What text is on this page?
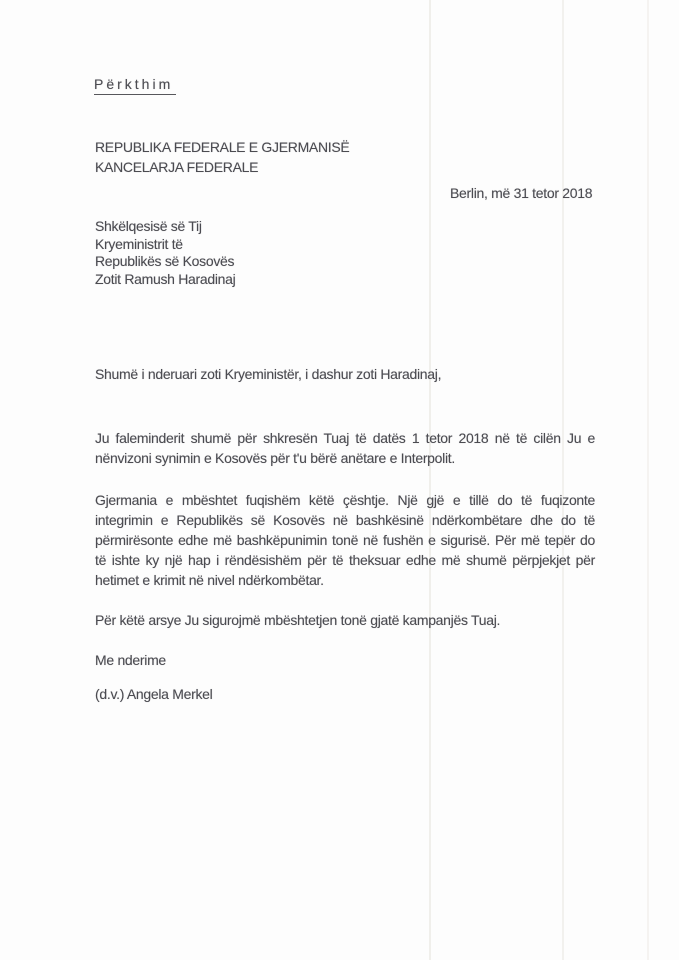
Përkthim
REPUBLIKA FEDERALE E GJERMANISË
KANCELARJA FEDERALE
Berlin, më 31 tetor 2018
Shkëlqesisë së Tij
Kryeministrit të
Republikës së Kosovës
Zotit Ramush Haradinaj
Shumë i nderuari zoti Kryeministër, i dashur zoti Haradinaj,
Ju faleminderit shumë për shkresën Tuaj të datës 1 tetor 2018 në të cilën Ju e
nënvizoni synimin e Kosovës për t'u bërë anëtare e Interpolit.
Gjermania e mbështet fuqishëm këtë çështje. Një gjë e tillë do të fuqizonte
integrimin e Republikës së Kosovës në bashkësinë ndërkombëtare dhe do të
përmirësonte edhe më bashkëpunimin tonë në fushën e sigurisë. Për më tepër do
të ishte ky një hap i rëndësishëm për të theksuar edhe më shumë përpjekjet për
hetimet e krimit në nivel ndërkombëtar.
Për këtë arsye Ju sigurojmë mbështetjen tonë gjatë kampanjës Tuaj.
Me nderime
(d.v.) Angela Merkel
